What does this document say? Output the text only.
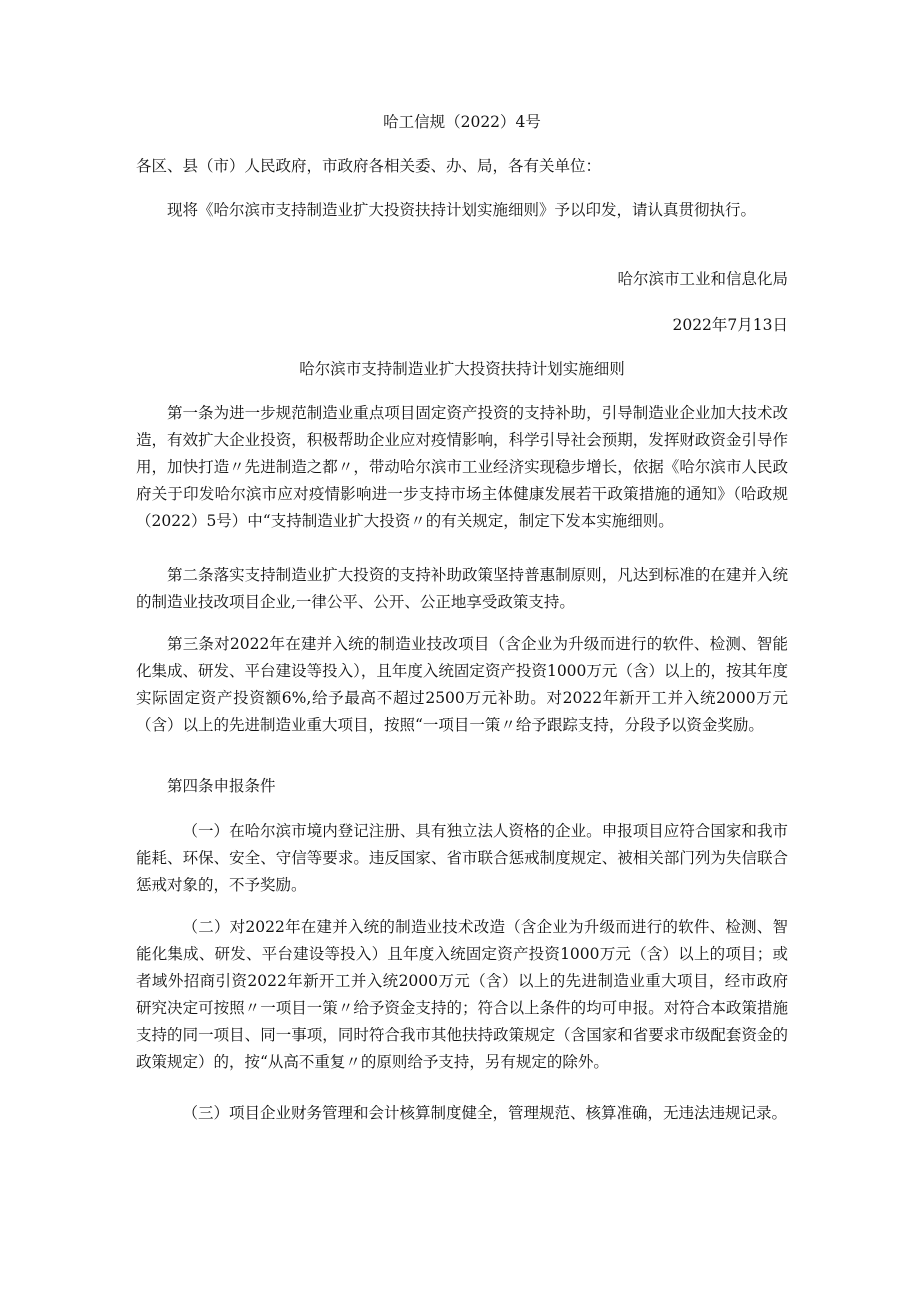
哈工信规（2022）4号

各区、县（市）人民政府，市政府各相关委、办、局，各有关单位：

现将《哈尔滨市支持制造业扩大投资扶持计划实施细则》予以印发，请认真贯彻执行。

哈尔滨市工业和信息化局

2022年7月13日

哈尔滨市支持制造业扩大投资扶持计划实施细则

第一条为进一步规范制造业重点项目固定资产投资的支持补助，引导制造业企业加大技术改造，有效扩大企业投资，积极帮助企业应对疫情影响，科学引导社会预期，发挥财政资金引导作用，加快打造〃先进制造之都〃，带动哈尔滨市工业经济实现稳步增长，依据《哈尔滨市人民政府关于印发哈尔滨市应对疫情影响进一步支持市场主体健康发展若干政策措施的通知》（哈政规（2022）5号）中“支持制造业扩大投资〃的有关规定，制定下发本实施细则。

第二条落实支持制造业扩大投资的支持补助政策坚持普惠制原则，凡达到标准的在建并入统的制造业技改项目企业,一律公平、公开、公正地享受政策支持。

第三条对2022年在建并入统的制造业技改项目（含企业为升级而进行的软件、检测、智能化集成、研发、平台建设等投入），且年度入统固定资产投资1000万元（含）以上的，按其年度实际固定资产投资额6%,给予最高不超过2500万元补助。对2022年新开工并入统2000万元（含）以上的先进制造业重大项目，按照“一项目一策〃给予跟踪支持，分段予以资金奖励。

第四条申报条件

（一）在哈尔滨市境内登记注册、具有独立法人资格的企业。申报项目应符合国家和我市能耗、环保、安全、守信等要求。违反国家、省市联合惩戒制度规定、被相关部门列为失信联合惩戒对象的，不予奖励。

（二）对2022年在建并入统的制造业技术改造（含企业为升级而进行的软件、检测、智能化集成、研发、平台建设等投入）且年度入统固定资产投资1000万元（含）以上的项目；或者域外招商引资2022年新开工并入统2000万元（含）以上的先进制造业重大项目，经市政府研究决定可按照〃一项目一策〃给予资金支持的；符合以上条件的均可申报。对符合本政策措施支持的同一项目、同一事项，同时符合我市其他扶持政策规定（含国家和省要求市级配套资金的政策规定）的，按“从高不重复〃的原则给予支持，另有规定的除外。

（三）项目企业财务管理和会计核算制度健全，管理规范、核算准确，无违法违规记录。
